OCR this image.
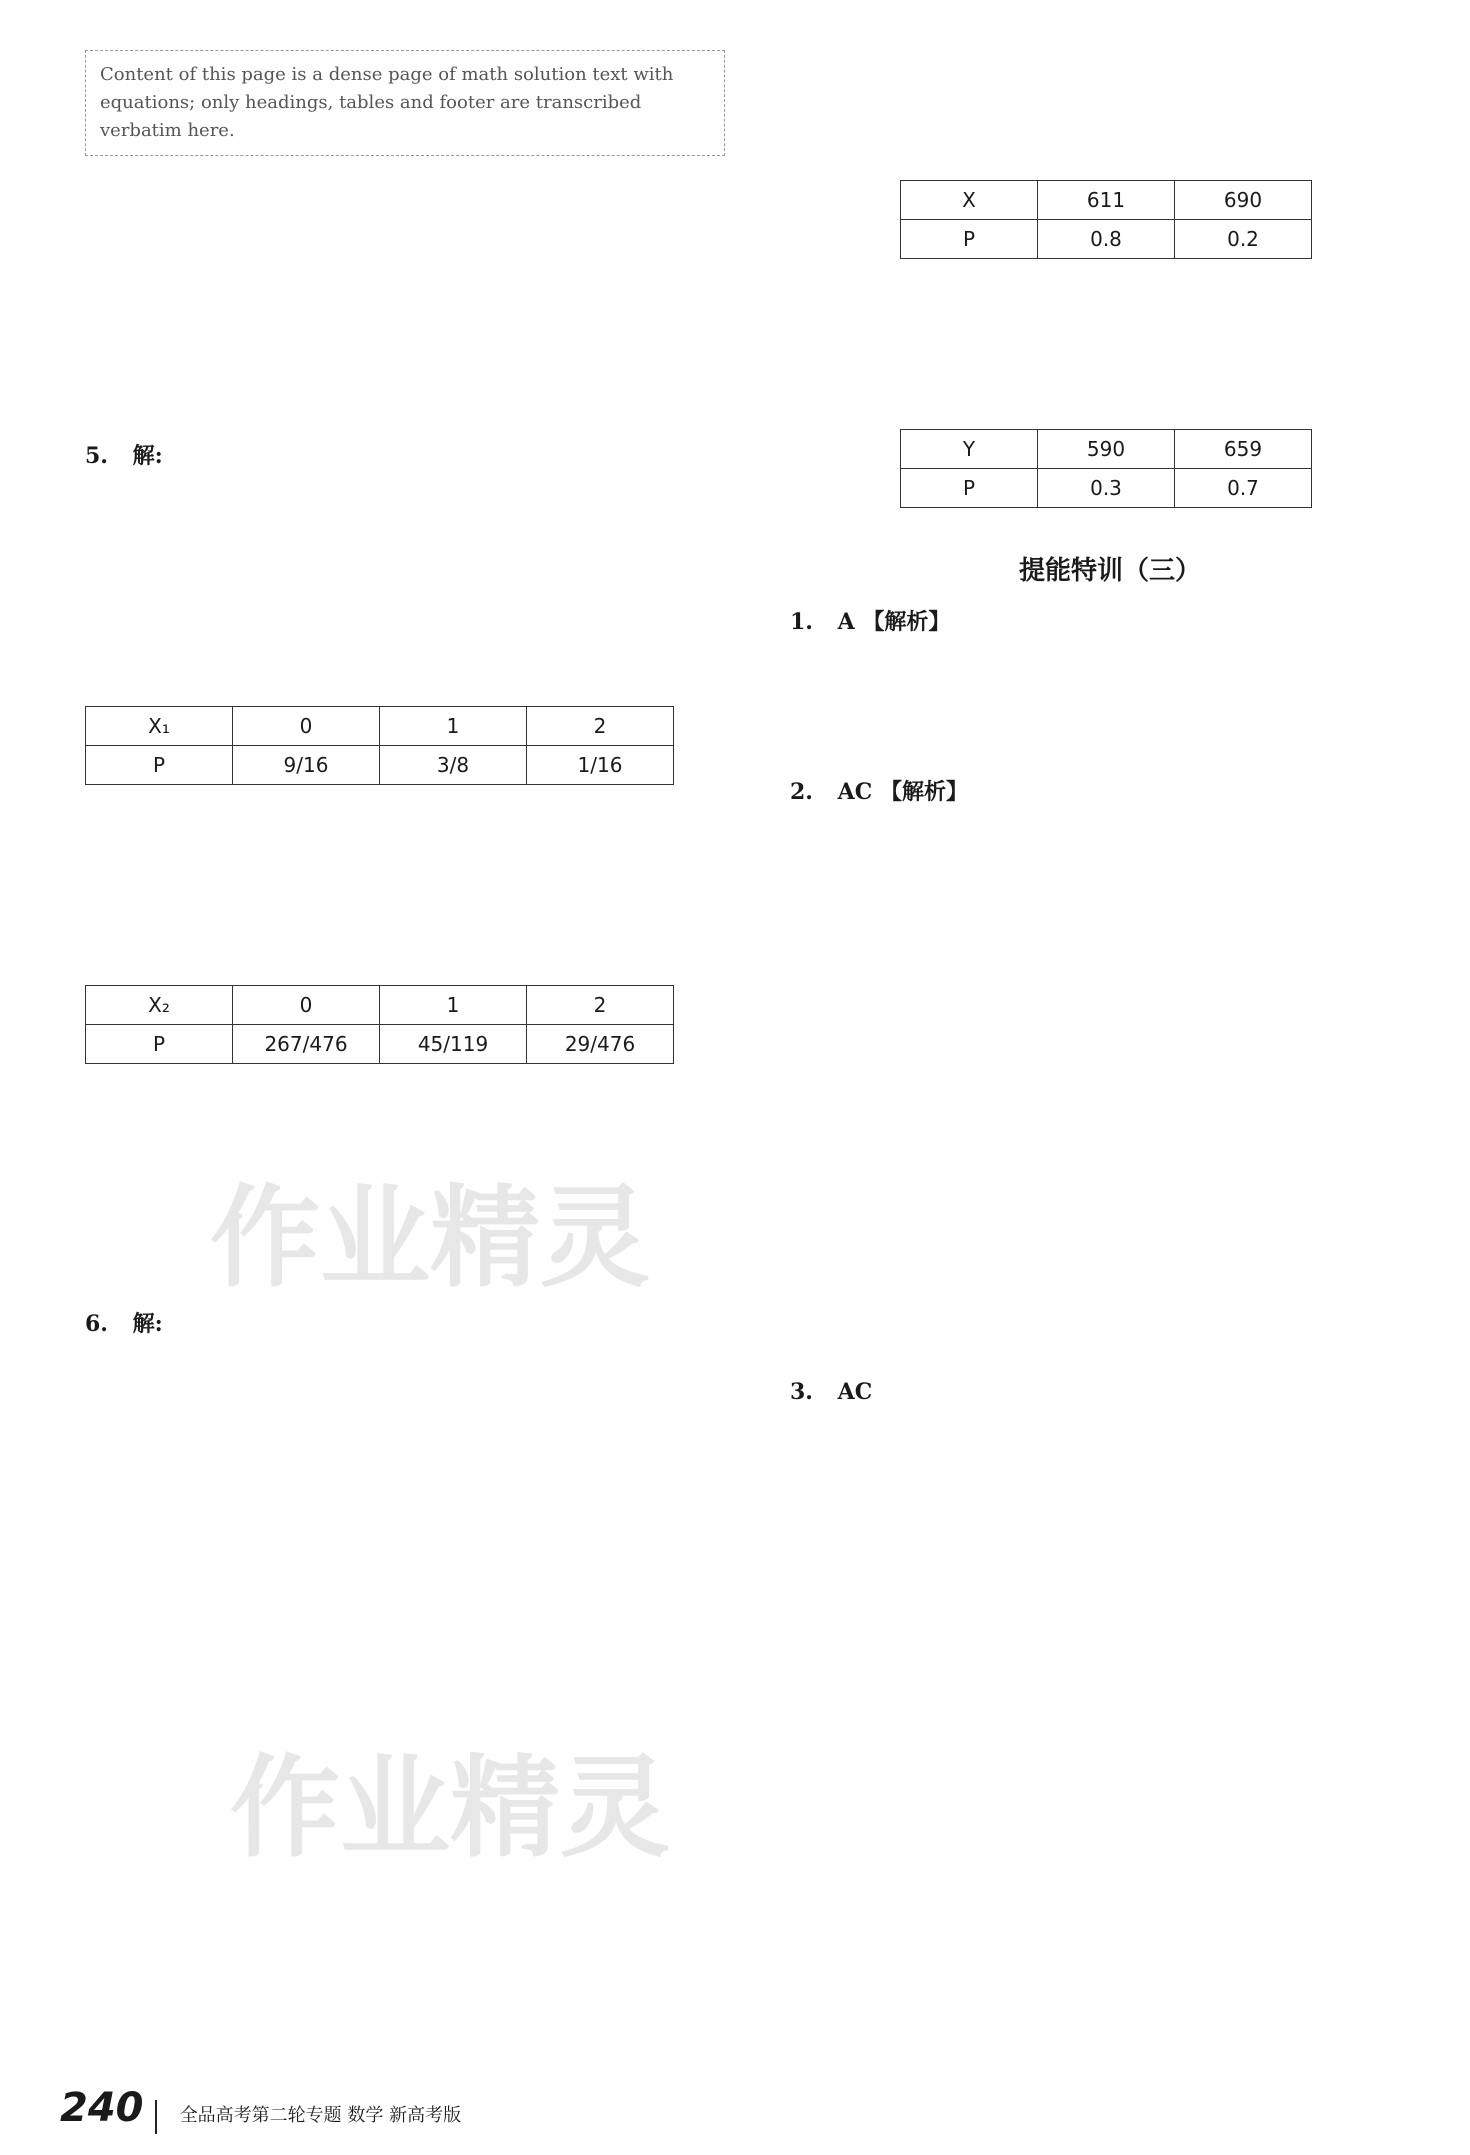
Content of this page is a dense page of math solution text with equations; only headings, tables and footer are transcribed verbatim here.
5. 解:
X₁	0	1	2
P	9/16	3/8	1/16
X₂	0	1	2
P	267/476	45/119	29/476
6. 解:
X	611	690
P	0.8	0.2
Y	590	659
P	0.3	0.7
提能特训（三）
1. A 【解析】
2. AC 【解析】
3. AC
作业精灵
作业精灵
240 全品高考第二轮专题 数学 新高考版
